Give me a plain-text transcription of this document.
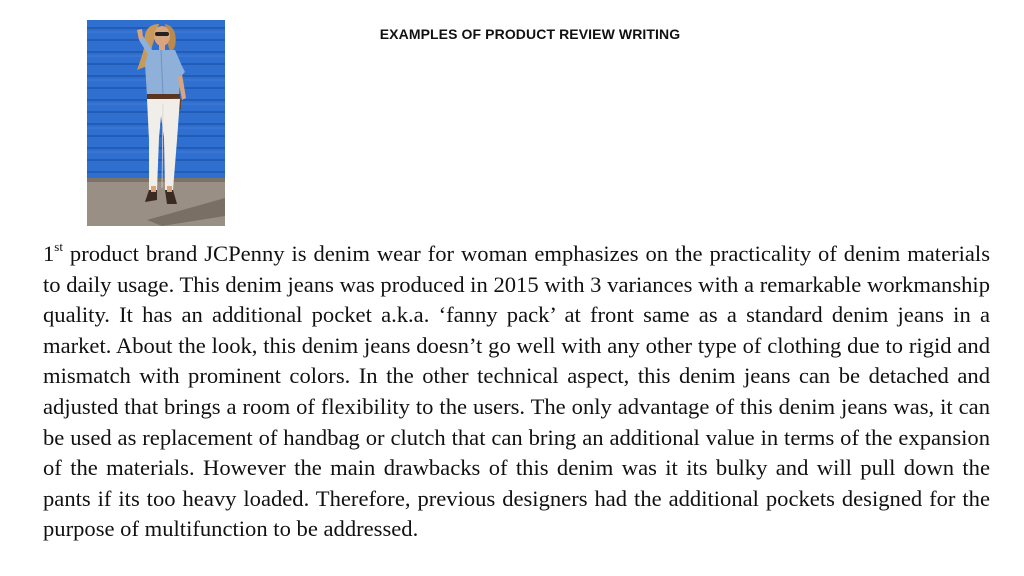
EXAMPLES OF PRODUCT REVIEW WRITING

1st product brand JCPenny is denim wear for woman emphasizes on the practicality of denim materials to daily usage. This denim jeans was produced in 2015 with 3 variances with a remarkable workmanship quality. It has an additional pocket a.k.a. ‘fanny pack’ at front same as a standard denim jeans in a market. About the look, this denim jeans doesn’t go well with any other type of clothing due to rigid and mismatch with prominent colors. In the other technical aspect, this denim jeans can be detached and adjusted that brings a room of flexibility to the users. The only advantage of this denim jeans was, it can be used as replacement of handbag or clutch that can bring an additional value in terms of the expansion of the materials. However the main drawbacks of this denim was it its bulky and will pull down the pants if its too heavy loaded. Therefore, previous designers had the additional pockets designed for the purpose of multifunction to be addressed.
